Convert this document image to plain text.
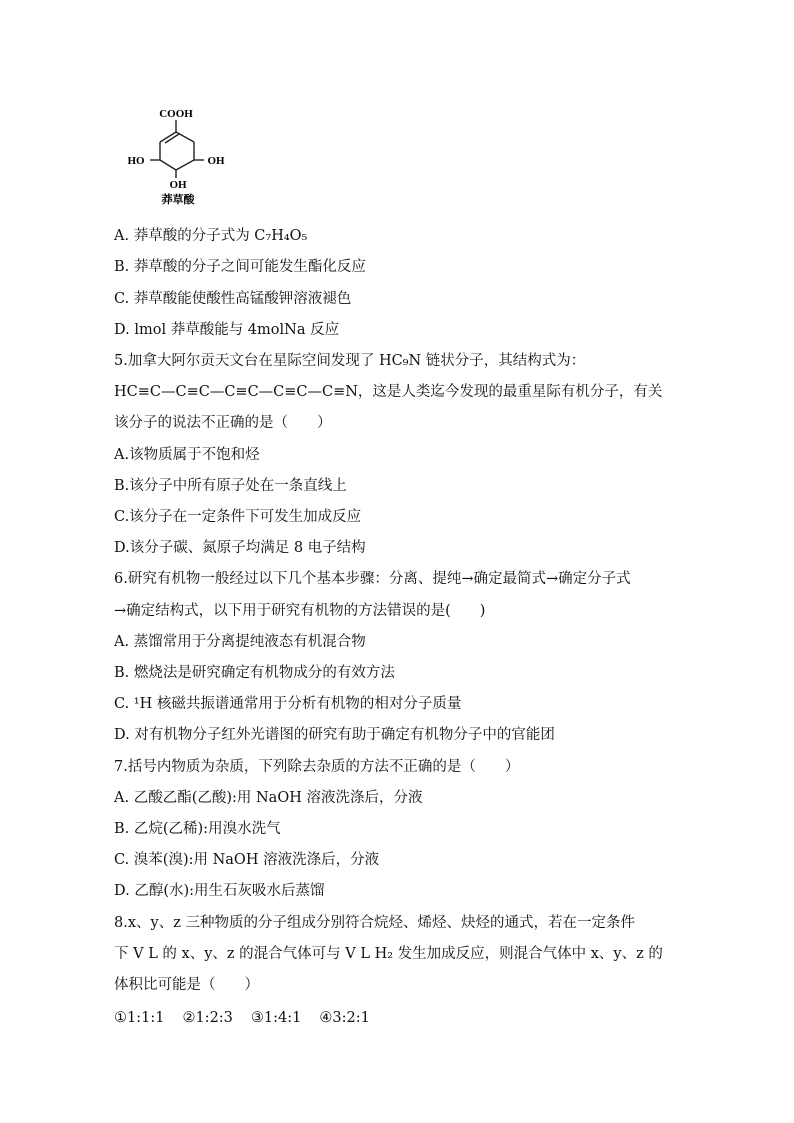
COOH
HO	OH
OH
莽草酸
A. 莽草酸的分子式为 C₇H₄O₅
B. 莽草酸的分子之间可能发生酯化反应
C. 莽草酸能使酸性高锰酸钾溶液褪色
D. lmol 莽草酸能与 4molNa 反应
5.加拿大阿尔贡天文台在星际空间发现了 HC₉N 链状分子，其结构式为：
HC≡C—C≡C—C≡C—C≡C—C≡N，这是人类迄今发现的最重星际有机分子，有关
该分子的说法不正确的是（　　）
A.该物质属于不饱和烃
B.该分子中所有原子处在一条直线上
C.该分子在一定条件下可发生加成反应
D.该分子碳、氮原子均满足 8 电子结构
6.研究有机物一般经过以下几个基本步骤：分离、提纯→确定最简式→确定分子式
→确定结构式，以下用于研究有机物的方法错误的是(　　)
A. 蒸馏常用于分离提纯液态有机混合物
B. 燃烧法是研究确定有机物成分的有效方法
C. ¹H 核磁共振谱通常用于分析有机物的相对分子质量
D. 对有机物分子红外光谱图的研究有助于确定有机物分子中的官能团
7.括号内物质为杂质，下列除去杂质的方法不正确的是（　　）
A. 乙酸乙酯(乙酸):用 NaOH 溶液洗涤后，分液
B. 乙烷(乙稀):用溴水洗气
C. 溴苯(溴):用 NaOH 溶液洗涤后，分液
D. 乙醇(水):用生石灰吸水后蒸馏
8.x、y、z 三种物质的分子组成分别符合烷烃、烯烃、炔烃的通式，若在一定条件
下 V L 的 x、y、z 的混合气体可与 V L H₂ 发生加成反应，则混合气体中 x、y、z 的
体积比可能是（　　）
①1:1:1 ②1:2:3 ③1:4:1 ④3:2:1
